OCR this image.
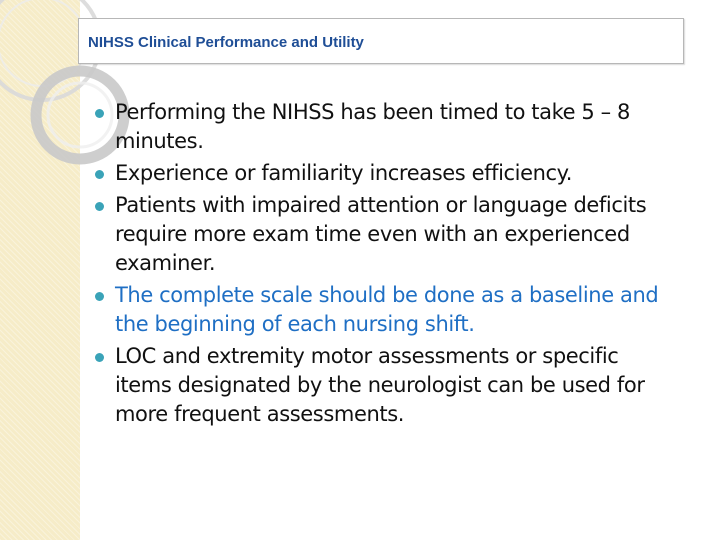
NIHSS Clinical Performance and Utility
Performing the NIHSS has been timed to take 5 – 8 minutes.
Experience or familiarity increases efficiency.
Patients with impaired attention or language deficits require more exam time even with an experienced examiner.
The complete scale should be done as a baseline and the beginning of each nursing shift.
LOC and extremity motor assessments or specific items designated by the neurologist can be used for more frequent assessments.
